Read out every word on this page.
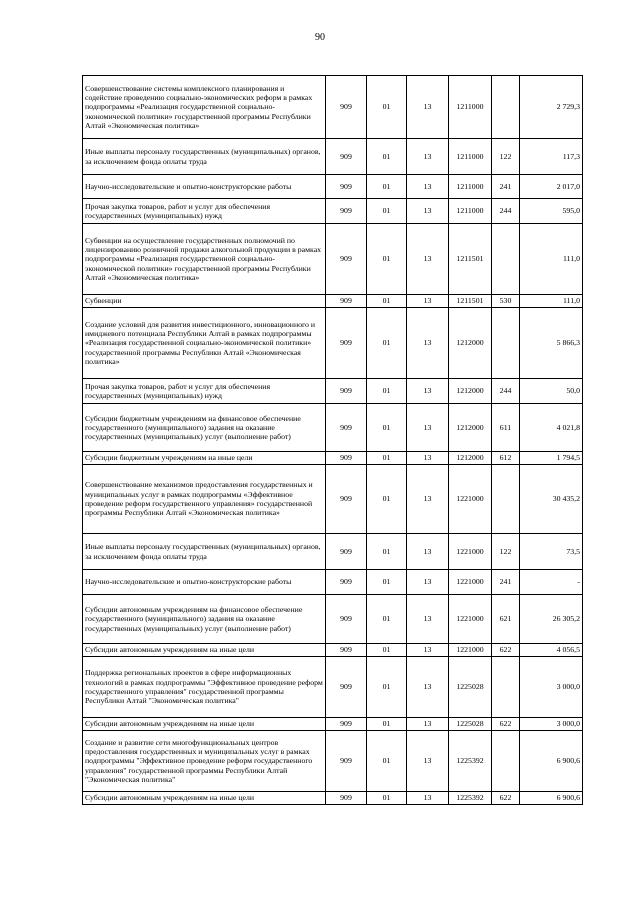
90
Совершенствование системы комплексного планирования и содействие проведению социально-экономических реформ в рамках подпрограммы «Реализация государственной социально-экономической политики» государственной программы Республики Алтай «Экономическая политика»	909	01	13	1211000		2 729,3
Иные выплаты персоналу государственных (муниципальных) органов, за исключением фонда оплаты труда	909	01	13	1211000	122	117,3
Научно-исследовательские и опытно-конструкторские работы	909	01	13	1211000	241	2 017,0
Прочая закупка товаров, работ и услуг для обеспечения государственных (муниципальных) нужд	909	01	13	1211000	244	595,0
Субвенции на осуществление государственных полномочий по лицензированию розничной продажи алкогольной продукции в рамках подпрограммы «Реализация государственной социально-экономической политики» государственной программы Республики Алтай «Экономическая политика»	909	01	13	1211501		111,0
Субвенции	909	01	13	1211501	530	111,0
Создание условий для развития инвестиционного, инновационного и имиджевого потенциала Республики Алтай в рамках подпрограммы «Реализация государственной социально-экономической политики» государственной программы Республики Алтай «Экономическая политика»	909	01	13	1212000		5 866,3
Прочая закупка товаров, работ и услуг для обеспечения государственных (муниципальных) нужд	909	01	13	1212000	244	50,0
Субсидии бюджетным учреждениям на финансовое обеспечение государственного (муниципального) задания на оказание государственных (муниципальных) услуг (выполнение работ)	909	01	13	1212000	611	4 021,8
Субсидии бюджетным учреждениям на иные цели	909	01	13	1212000	612	1 794,5
Совершенствование механизмов предоставления государственных и муниципальных услуг в рамках подпрограммы «Эффективное проведение реформ государственного управления» государственной программы Республики Алтай «Экономическая политика»	909	01	13	1221000		30 435,2
Иные выплаты персоналу государственных (муниципальных) органов, за исключением фонда оплаты труда	909	01	13	1221000	122	73,5
Научно-исследовательские и опытно-конструкторские работы	909	01	13	1221000	241	-
Субсидии автономным учреждениям на финансовое обеспечение государственного (муниципального) задания на оказание государственных (муниципальных) услуг (выполнение работ)	909	01	13	1221000	621	26 305,2
Субсидии автономным учреждениям на иные цели	909	01	13	1221000	622	4 056,5
Поддержка региональных проектов в сфере информационных технологий в рамках подпрограммы "Эффективное проведение реформ государственного управления" государственной программы Республики Алтай "Экономическая политика"	909	01	13	1225028		3 000,0
Субсидии автономным учреждениям на иные цели	909	01	13	1225028	622	3 000,0
Создание и развитие сети многофункциональных центров предоставления государственных и муниципальных услуг в рамках подпрограммы "Эффективное проведение реформ государственного управления" государственной программы Республики Алтай "Экономическая политика"	909	01	13	1225392		6 900,6
Субсидии автономным учреждениям на иные цели	909	01	13	1225392	622	6 900,6
